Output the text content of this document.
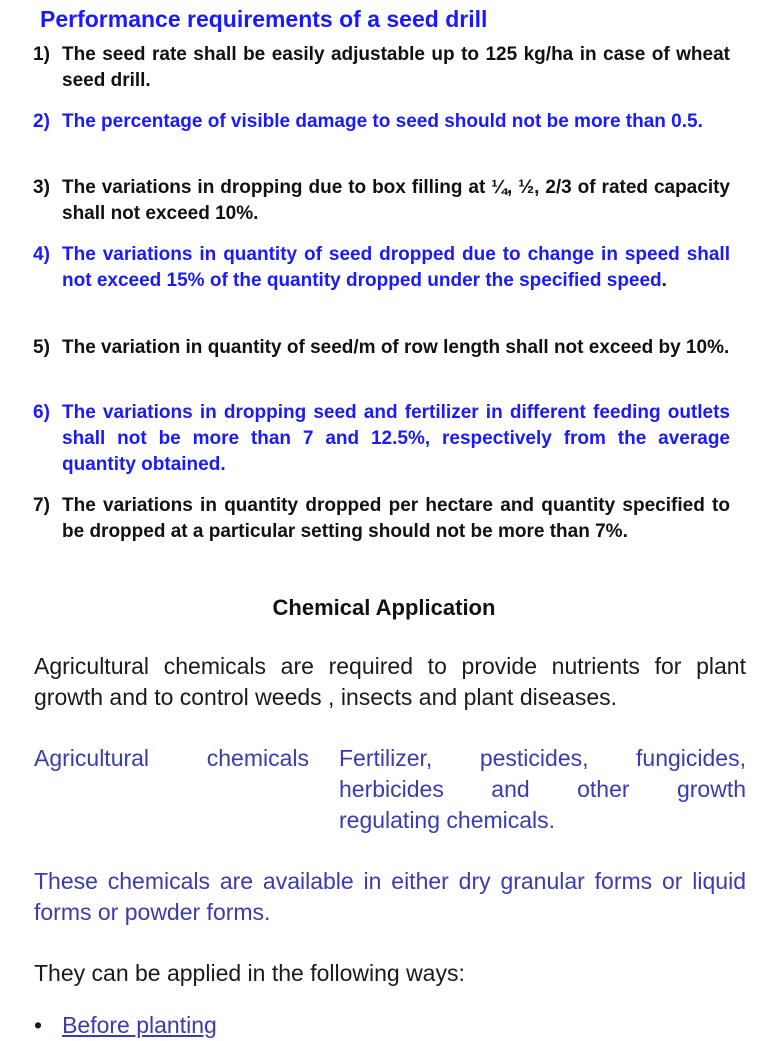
Performance requirements of a seed drill
1) The seed rate shall be easily adjustable up to 125 kg/ha in case of wheat seed drill.
2) The percentage of visible damage to seed should not be more than 0.5.
3) The variations in dropping due to box filling at ¼, ½, 2/3 of rated capacity shall not exceed 10%.
4) The variations in quantity of seed dropped due to change in speed shall not exceed 15% of the quantity dropped under the specified speed.
5) The variation in quantity of seed/m of row length shall not exceed by 10%.
6) The variations in dropping seed and fertilizer in different feeding outlets shall not be more than 7 and 12.5%, respectively from the average quantity obtained.
7) The variations in quantity dropped per hectare and quantity specified to be dropped at a particular setting should not be more than 7%.
Chemical Application
Agricultural chemicals are required to provide nutrients for plant growth and to control weeds , insects and plant diseases.
Agricultural	chemicals Fertilizer, pesticides, fungicides,
herbicides and other growth
regulating chemicals.
These chemicals are available in either dry granular forms or liquid forms or powder forms.
They can be applied in the following ways:
• Before planting
